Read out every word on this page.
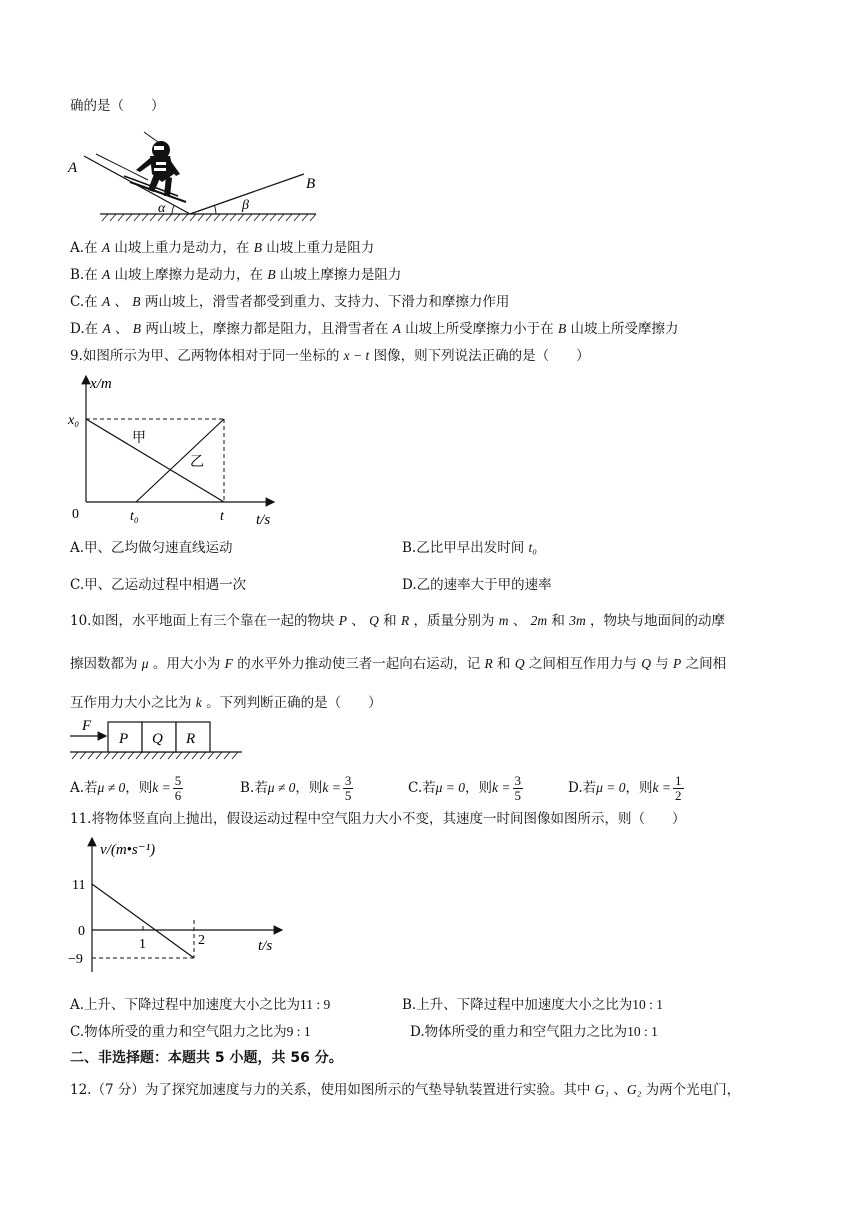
确的是（　　）
A
B
α	β
A.在 A 山坡上重力是动力，在 B 山坡上重力是阻力
B.在 A 山坡上摩擦力是动力，在 B 山坡上摩擦力是阻力
C.在 A 、 B 两山坡上，滑雪者都受到重力、支持力、下滑力和摩擦力作用
D.在 A 、 B 两山坡上，摩擦力都是阻力，且滑雪者在 A 山坡上所受摩擦力小于在 B 山坡上所受摩擦力
9.如图所示为甲、乙两物体相对于同一坐标的 x − t 图像，则下列说法正确的是（　　）
x/m
t/s
0
x₀
t₀	t
甲
乙
A.甲、乙均做匀速直线运动	B.乙比甲早出发时间 t₀
C.甲、乙运动过程中相遇一次	D.乙的速率大于甲的速率
10.如图，水平地面上有三个靠在一起的物块 P 、 Q 和 R ，质量分别为 m 、 2m 和 3m ，物块与地面间的动摩
擦因数都为 μ 。用大小为 F 的水平外力推动使三者一起向右运动，记 R 和 Q 之间相互作用力与 Q 与 P 之间相
互作用力大小之比为 k 。下列判断正确的是（　　）
F
P Q R
A.若 μ ≠ 0 ，则 $k = \frac{5}{6}$	B.若 μ ≠ 0 ，则 $k = \frac{3}{5}$	C.若 μ = 0 ，则 $k = \frac{3}{5}$	D.若 μ = 0 ，则 $k = \frac{1}{2}$
11.将物体竖直向上抛出，假设运动过程中空气阻力大小不变，其速度一时间图像如图所示，则（　　）
v/(m•s⁻¹)
t/s
11
0
−9
1	2
A.上升、下降过程中加速度大小之比为11 : 9	B.上升、下降过程中加速度大小之比为10 : 1
C.物体所受的重力和空气阻力之比为9 : 1	D.物体所受的重力和空气阻力之比为10 : 1
二、非选择题：本题共 5 小题，共 56 分。
12.（7 分）为了探究加速度与力的关系，使用如图所示的气垫导轨装置进行实验。其中 G₁ 、G₂ 为两个光电门，
